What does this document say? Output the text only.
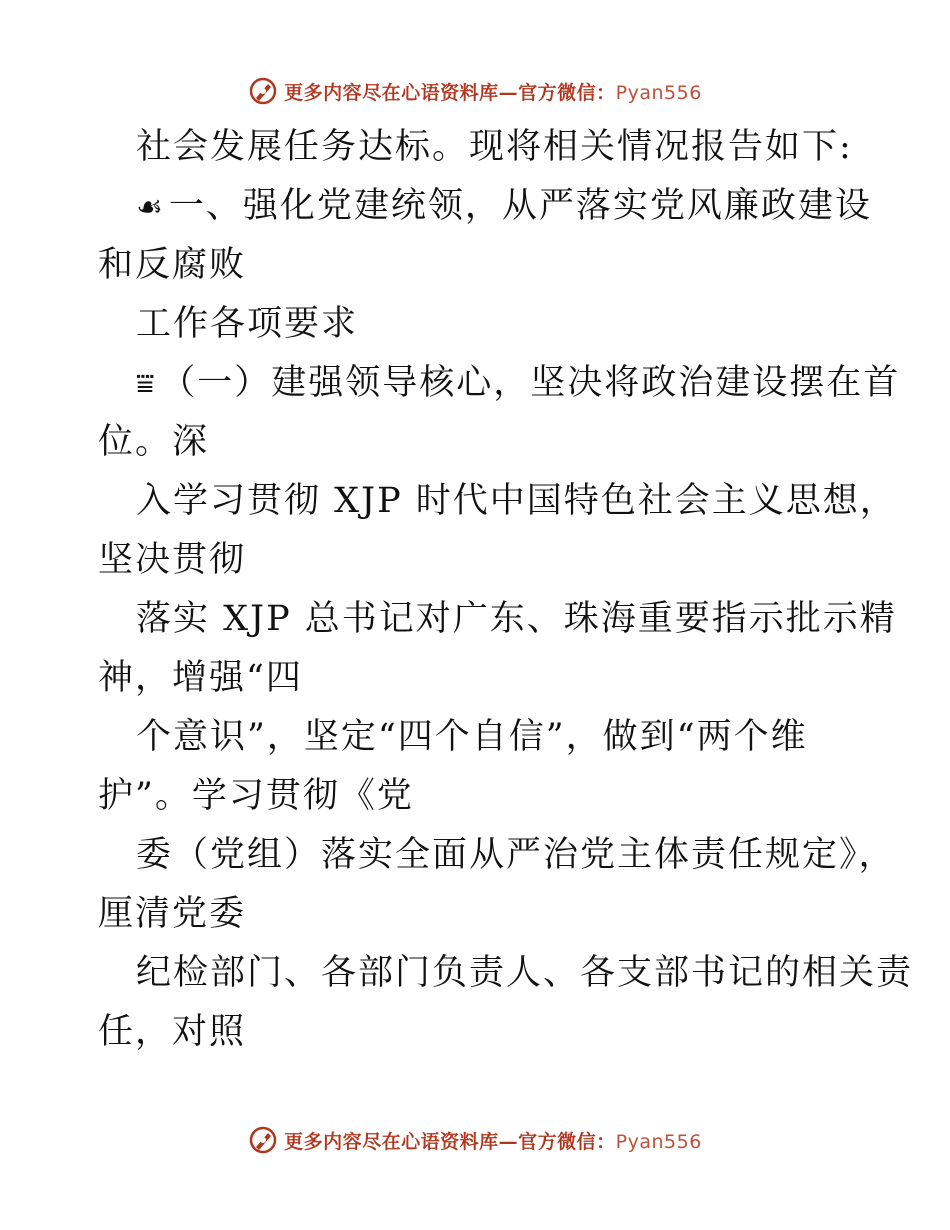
更多内容尽在心语资料库—官方微信：Pyan556
社会发展任务达标。现将相关情况报告如下:
☙ 一、强化党建统领，从严落实党风廉政建设
和反腐败
工作各项要求
⩸ （一）建强领导核心，坚决将政治建设摆在首
位。深
入学习贯彻 XJP 时代中国特色社会主义思想，
坚决贯彻
落实 XJP 总书记对广东、珠海重要指示批示精
神，增强“四
个意识”，坚定“四个自信”，做到“两个维
护”。学习贯彻《党
委（党组）落实全面从严治党主体责任规定》，
厘清党委
纪检部门、各部门负责人、各支部书记的相关责
任，对照
更多内容尽在心语资料库—官方微信：Pyan556
